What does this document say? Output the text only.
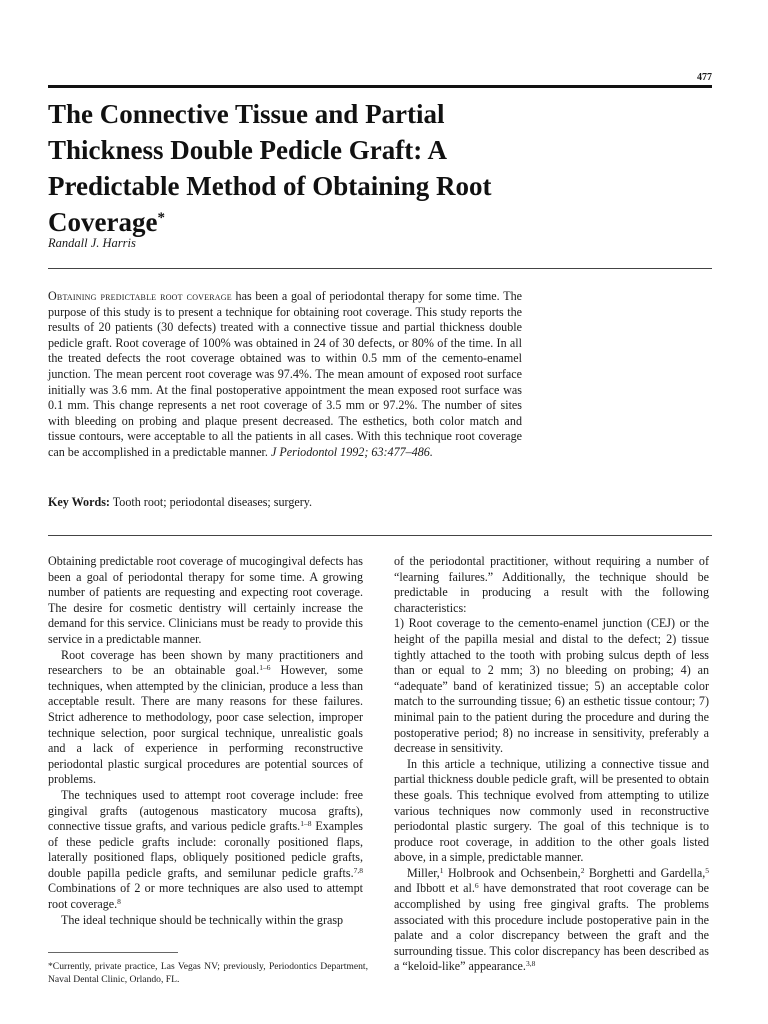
477
The Connective Tissue and Partial
Thickness Double Pedicle Graft: A
Predictable Method of Obtaining Root
Coverage*
Randall J. Harris

Obtaining predictable root coverage has been a goal of periodontal therapy for some time. The purpose of this study is to present a technique for obtaining root coverage. This study reports the results of 20 patients (30 defects) treated with a connective tissue and partial thickness double pedicle graft. Root coverage of 100% was obtained in 24 of 30 defects, or 80% of the time. In all the treated defects the root coverage obtained was to within 0.5 mm of the cemento-enamel junction. The mean percent root coverage was 97.4%. The mean amount of exposed root surface initially was 3.6 mm. At the final postoperative appointment the mean exposed root surface was 0.1 mm. This change represents a net root coverage of 3.5 mm or 97.2%. The number of sites with bleeding on probing and plaque present decreased. The esthetics, both color match and tissue contours, were acceptable to all the patients in all cases. With this technique root coverage can be accomplished in a predictable manner. J Periodontol 1992; 63:477–486.

Key Words: Tooth root; periodontal diseases; surgery.

Obtaining predictable root coverage of mucogingival defects has been a goal of periodontal therapy for some time. A growing number of patients are requesting and expecting root coverage. The desire for cosmetic dentistry will certainly increase the demand for this service. Clinicians must be ready to provide this service in a predictable manner.

Root coverage has been shown by many practitioners and researchers to be an obtainable goal.$^{1-6}$ However, some techniques, when attempted by the clinician, produce a less than acceptable result. There are many reasons for these failures. Strict adherence to methodology, poor case selection, improper technique selection, poor surgical technique, unrealistic goals and a lack of experience in performing reconstructive periodontal plastic surgical procedures are potential sources of problems.

The techniques used to attempt root coverage include: free gingival grafts (autogenous masticatory mucosa grafts), connective tissue grafts, and various pedicle grafts.$^{1-8}$ Examples of these pedicle grafts include: coronally positioned flaps, laterally positioned flaps, obliquely positioned pedicle grafts, double papilla pedicle grafts, and semilunar pedicle grafts.$^{7,8}$ Combinations of 2 or more techniques are also used to attempt root coverage.$^8$

The ideal technique should be technically within the grasp

of the periodontal practitioner, without requiring a number of “learning failures.” Additionally, the technique should be predictable in producing a result with the following characteristics:

1) Root coverage to the cemento-enamel junction (CEJ) or the height of the papilla mesial and distal to the defect; 2) tissue tightly attached to the tooth with probing sulcus depth of less than or equal to 2 mm; 3) no bleeding on probing; 4) an “adequate” band of keratinized tissue; 5) an acceptable color match to the surrounding tissue; 6) an esthetic tissue contour; 7) minimal pain to the patient during the procedure and during the postoperative period; 8) no increase in sensitivity, preferably a decrease in sensitivity.

In this article a technique, utilizing a connective tissue and partial thickness double pedicle graft, will be presented to obtain these goals. This technique evolved from attempting to utilize various techniques now commonly used in reconstructive periodontal plastic surgery. The goal of this technique is to produce root coverage, in addition to the other goals listed above, in a simple, predictable manner.

Miller,$^1$ Holbrook and Ochsenbein,$^2$ Borghetti and Gardella,$^5$ and Ibbott et al.$^6$ have demonstrated that root coverage can be accomplished by using free gingival grafts. The problems associated with this procedure include postoperative pain in the palate and a color discrepancy between the graft and the surrounding tissue. This color discrepancy has been described as a “keloid-like” appearance.$^{3,8}$

*Currently, private practice, Las Vegas NV; previously, Periodontics Department, Naval Dental Clinic, Orlando, FL.
